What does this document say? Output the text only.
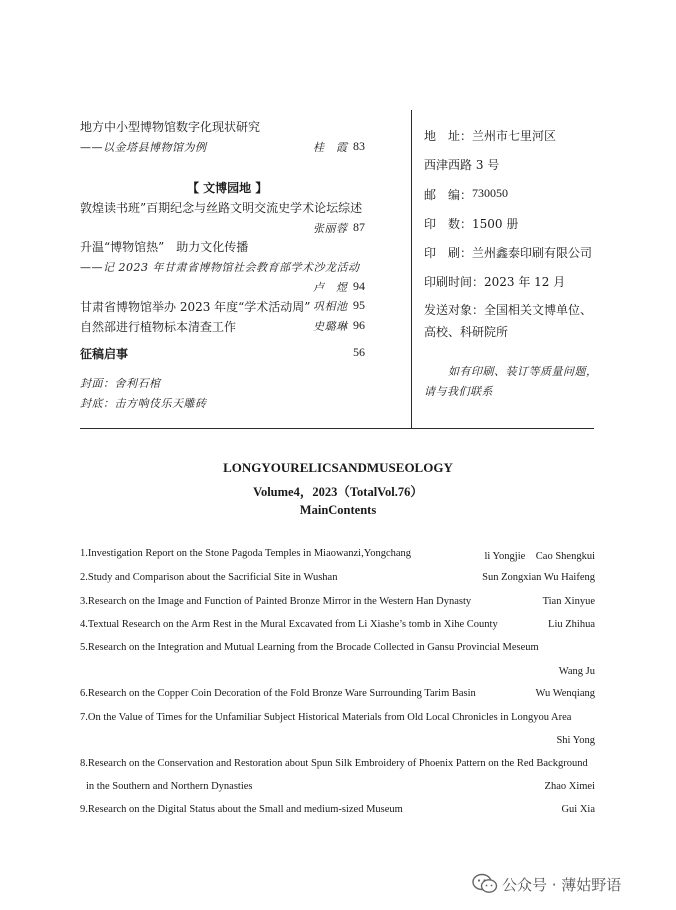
地方中小型博物馆数字化现状研究
——以金塔县博物馆为例	桂　霞 83
【 文博园地 】
敦煌读书班”百期纪念与丝路文明交流史学术论坛综述
张丽蓉 87
升温“博物馆热”　助力文化传播
——记 2023 年甘肃省博物馆社会教育部学术沙龙活动
卢　煜 94
甘肃省博物馆举办 2023 年度“学术活动周” 巩相池 95
自然部进行植物标本清查工作	史璐琳 96
征稿启事	56
封面：舍利石棺
封底：击方响伎乐天雕砖
地　址： 兰州市七里河区
西津西路 3 号
邮　编： 730050
印　数： 1500 册
印　刷： 兰州鑫泰印刷有限公司
印刷时间： 2023 年 12 月
发送对象： 全国相关文博单位、
高校、科研院所
如有印刷、装订等质量问题，
请与我们联系
LONGYOURELICSANDMUSEOLOGY
Volume4，2023（TotalVol.76）
MainContents
1.Investigation Report on the Stone Pagoda Temples in Miaowanzi,Yongchang	li Yongjie　Cao Shengkui
2.Study and Comparison about the Sacrificial Site in Wushan	Sun Zongxian Wu Haifeng
3.Research on the Image and Function of Painted Bronze Mirror in the Western Han Dynasty	Tian Xinyue
4.Textual Research on the Arm Rest in the Mural Excavated from Li Xiashe’s tomb in Xihe County	Liu Zhihua
5.Research on the Integration and Mutual Learning from the Brocade Collected in Gansu Provincial Meseum
Wang Ju
6.Research on the Copper Coin Decoration of the Fold Bronze Ware Surrounding Tarim Basin	Wu Wenqiang
7.On the Value of Times for the Unfamiliar Subject Historical Materials from Old Local Chronicles in Longyou Area
Shi Yong
8.Research on the Conservation and Restoration about Spun Silk Embroidery of Phoenix Pattern on the Red Background
in the Southern and Northern Dynasties	Zhao Ximei
9.Research on the Digital Status about the Small and medium-sized Museum	Gui Xia
公众号 · 薄姑野语
